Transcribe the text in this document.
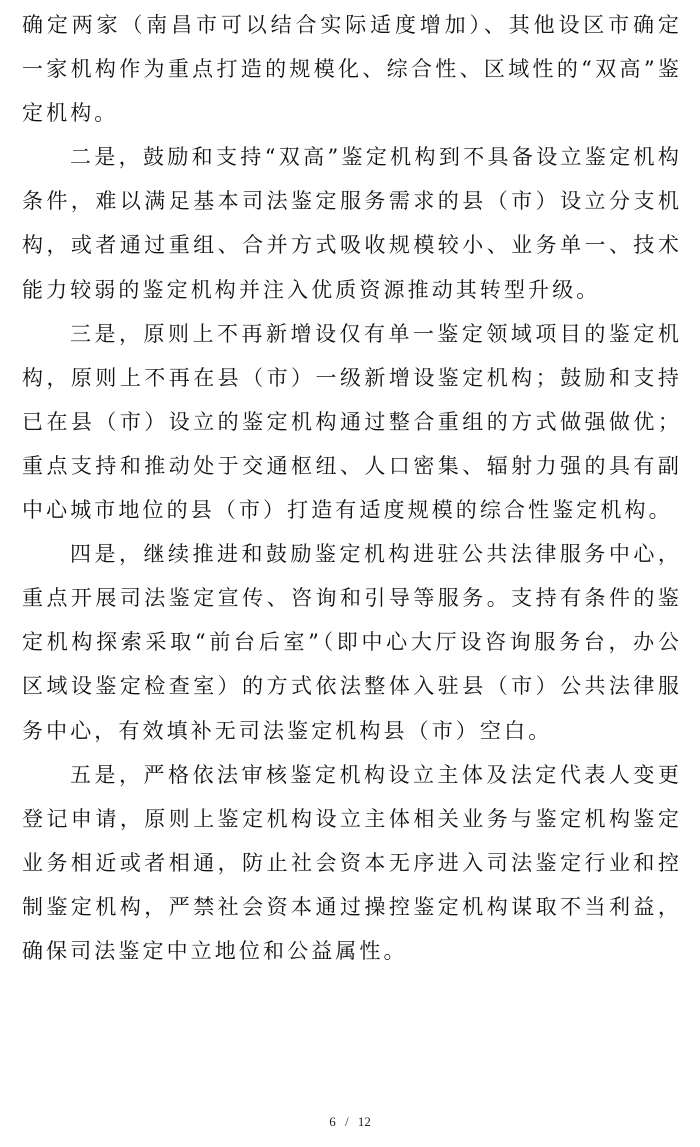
确定两家（南昌市可以结合实际适度增加）、其他设区市确定一家机构作为重点打造的规模化、综合性、区域性的“双高”鉴定机构。

二是，鼓励和支持“双高”鉴定机构到不具备设立鉴定机构条件，难以满足基本司法鉴定服务需求的县（市）设立分支机构，或者通过重组、合并方式吸收规模较小、业务单一、技术能力较弱的鉴定机构并注入优质资源推动其转型升级。

三是，原则上不再新增设仅有单一鉴定领域项目的鉴定机构，原则上不再在县（市）一级新增设鉴定机构；鼓励和支持已在县（市）设立的鉴定机构通过整合重组的方式做强做优；重点支持和推动处于交通枢纽、人口密集、辐射力强的具有副中心城市地位的县（市）打造有适度规模的综合性鉴定机构。

四是，继续推进和鼓励鉴定机构进驻公共法律服务中心，重点开展司法鉴定宣传、咨询和引导等服务。支持有条件的鉴定机构探索采取“前台后室”（即中心大厅设咨询服务台，办公区域设鉴定检查室）的方式依法整体入驻县（市）公共法律服务中心，有效填补无司法鉴定机构县（市）空白。

五是，严格依法审核鉴定机构设立主体及法定代表人变更登记申请，原则上鉴定机构设立主体相关业务与鉴定机构鉴定业务相近或者相通，防止社会资本无序进入司法鉴定行业和控制鉴定机构，严禁社会资本通过操控鉴定机构谋取不当利益，确保司法鉴定中立地位和公益属性。

6 / 12
